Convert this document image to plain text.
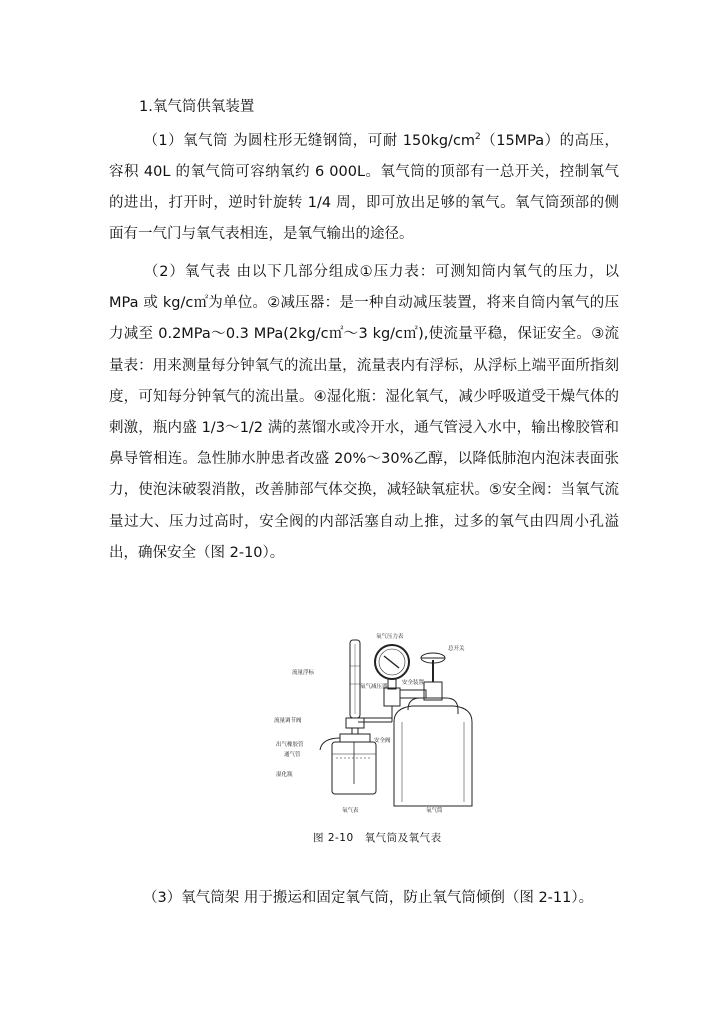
1.氧气筒供氧装置
（1）氧气筒 为圆柱形无缝钢筒，可耐 $150kg/cm^2(15MPa)$的高压，容积 40L 的氧气筒可容纳氧约 6 000L。氧气筒的顶部有一总开关，控制氧气的进出，打开时，逆时针旋转 1/4 周，即可放出足够的氧气。氧气筒颈部的侧面有一气门与氧气表相连，是氧气输出的途径。
（2）氧气表 由以下几部分组成①压力表：可测知筒内氧气的压力，以 MPa 或 kg/c㎡为单位。②减压器：是一种自动减压装置，将来自筒内氧气的压力减至 0.2MPa～0.3 MPa(2kg/c㎡～3 kg/c㎡),使流量平稳，保证安全。③流量表：用来测量每分钟氧气的流出量，流量表内有浮标，从浮标上端平面所指刻度，可知每分钟氧气的流出量。④湿化瓶：湿化氧气，减少呼吸道受干燥气体的刺激，瓶内盛 1/3～1/2 满的蒸馏水或冷开水，通气管浸入水中，输出橡胶管和鼻导管相连。急性肺水肿患者改盛 20%～30%乙醇，以降低肺泡内泡沫表面张力，使泡沫破裂消散，改善肺部气体交换，减轻缺氧症状。⑤安全阀：当氧气流量过大、压力过高时，安全阀的内部活塞自动上推，过多的氧气由四周小孔溢出，确保安全（图 2-10）。
氧气压力表
总开关
流量浮标
氧气减压器
安全装置
流量调节阀
出气橡胶管
通气管
湿化瓶
安全阀
氧气表	氧气筒
图 2-10　氧气筒及氧气表
（3）氧气筒架 用于搬运和固定氧气筒，防止氧气筒倾倒（图 2-11）。
